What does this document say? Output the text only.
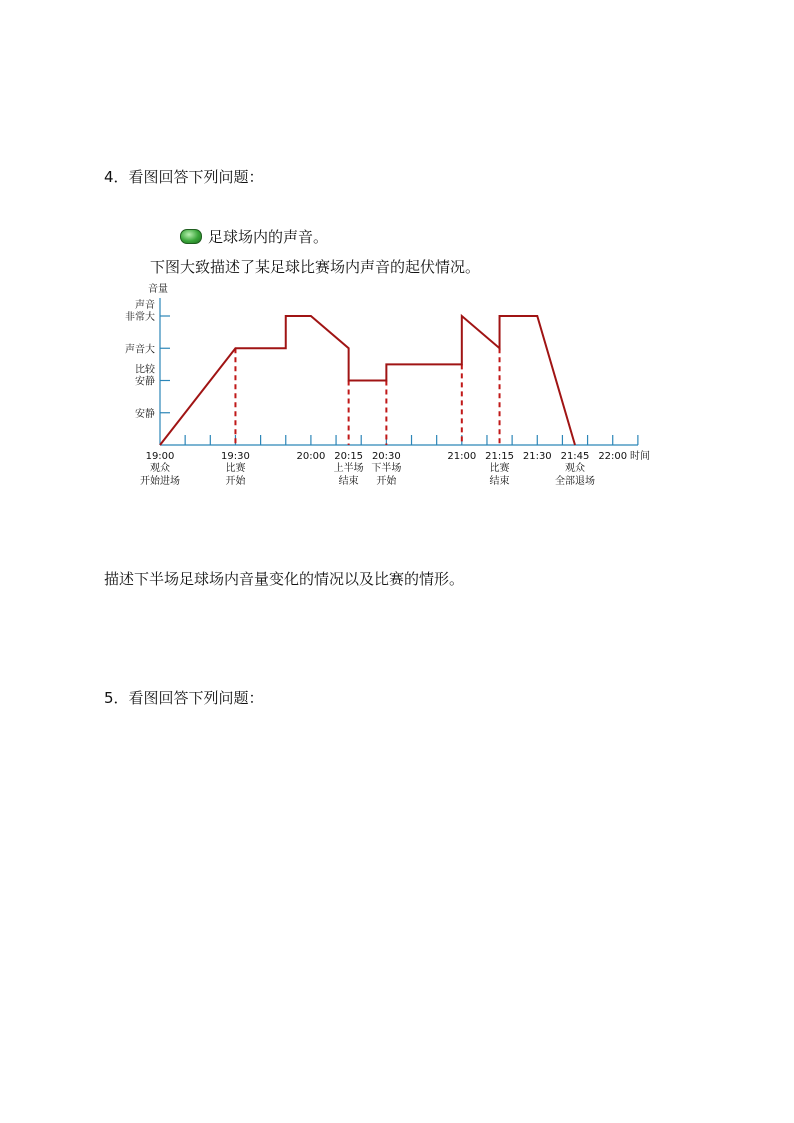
4．看图回答下列问题：
足球场内的声音。
下图大致描述了某足球比赛场内声音的起伏情况。
音量
时间
安静
比较
安静
声音大
声音
非常大
19:00	19:30	20:00 20:15 20:30	21:00 21:15 21:30 21:45 22:00
观众
开始进场
比赛
开始
上半场
结束
下半场
开始
比赛
结束
观众
全部退场
描述下半场足球场内音量变化的情况以及比赛的情形。
5．看图回答下列问题：
